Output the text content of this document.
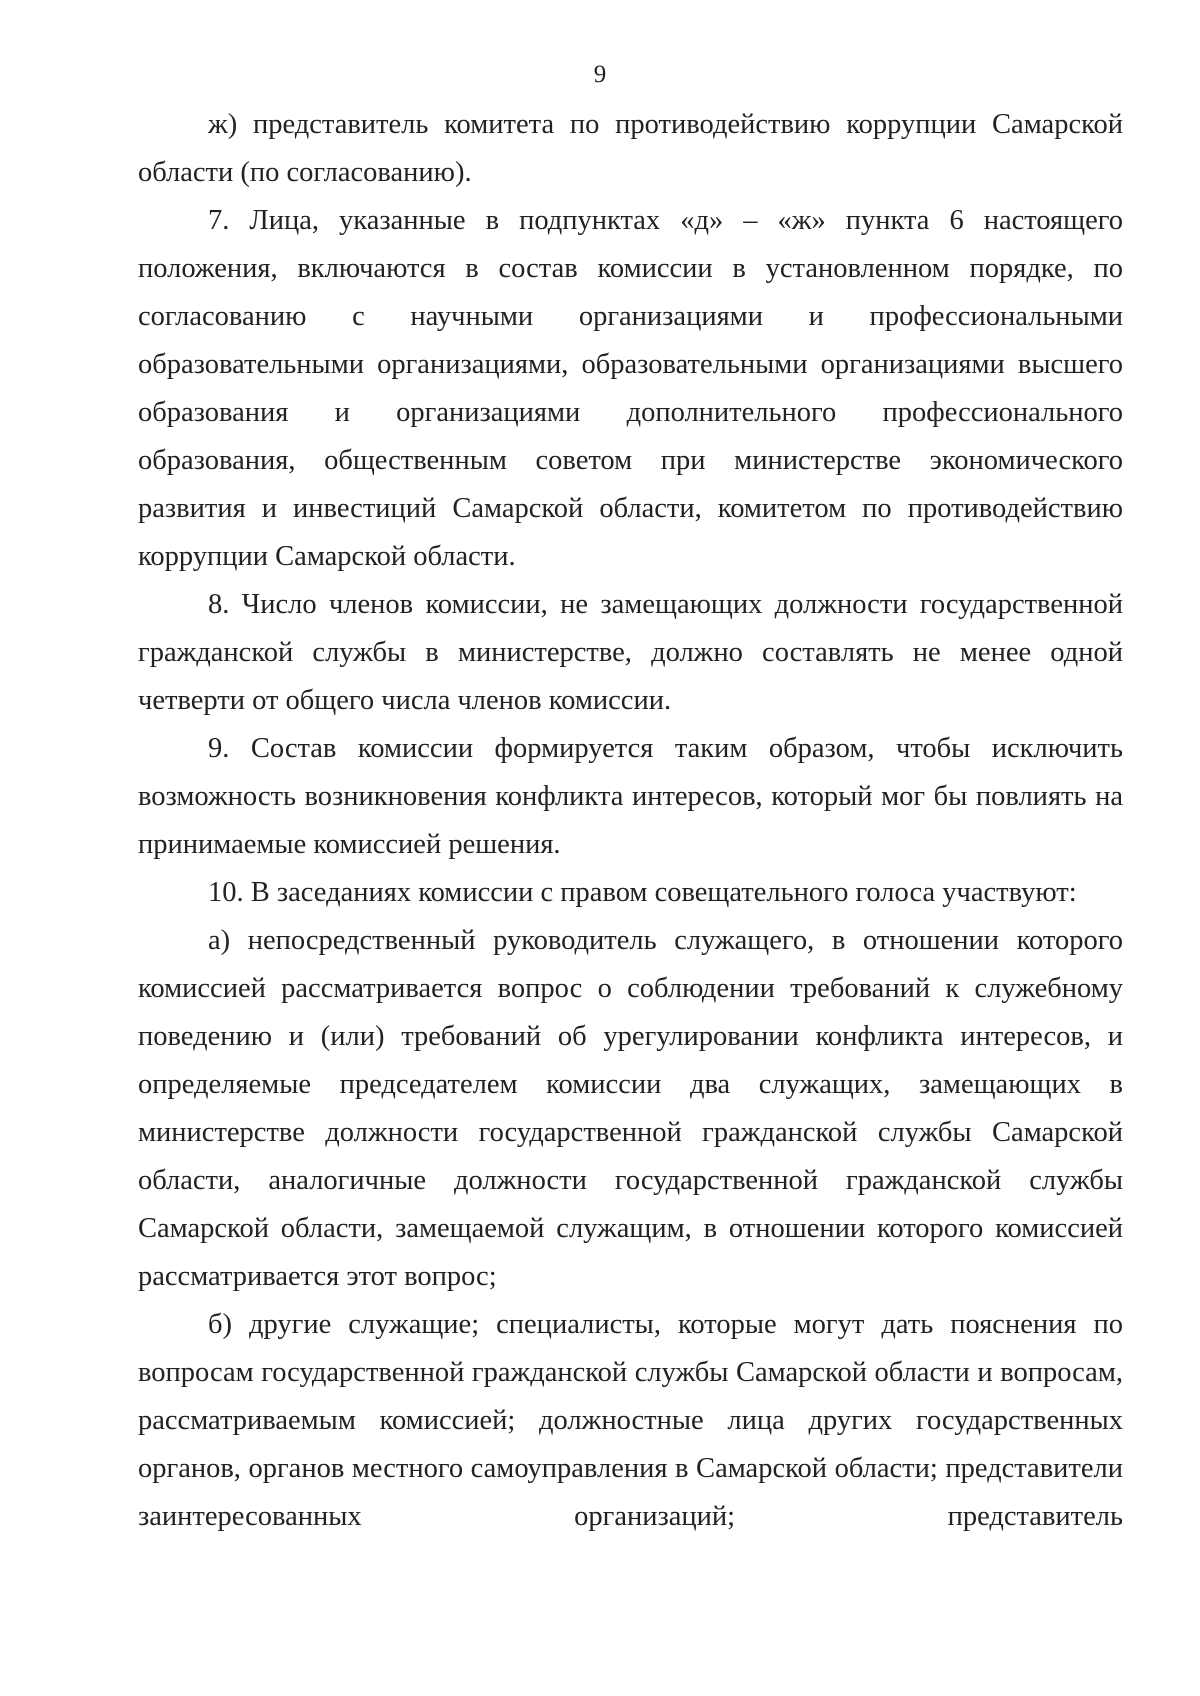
9

ж) представитель комитета по противодействию коррупции Самарской области (по согласованию).

7. Лица, указанные в подпунктах «д» – «ж» пункта 6 настоящего положения, включаются в состав комиссии в установленном порядке, по согласованию с научными организациями и профессиональными образовательными организациями, образовательными организациями высшего образования и организациями дополнительного профессионального образования, общественным советом при министерстве экономического развития и инвестиций Самарской области, комитетом по противодействию коррупции Самарской области.

8. Число членов комиссии, не замещающих должности государственной гражданской службы в министерстве, должно составлять не менее одной четверти от общего числа членов комиссии.

9. Состав комиссии формируется таким образом, чтобы исключить возможность возникновения конфликта интересов, который мог бы повлиять на принимаемые комиссией решения.

10. В заседаниях комиссии с правом совещательного голоса участвуют:

а) непосредственный руководитель служащего, в отношении которого комиссией рассматривается вопрос о соблюдении требований к служебному поведению и (или) требований об урегулировании конфликта интересов, и определяемые председателем комиссии два служащих, замещающих в министерстве должности государственной гражданской службы Самарской области, аналогичные должности государственной гражданской службы Самарской области, замещаемой служащим, в отношении которого комиссией рассматривается этот вопрос;

б) другие служащие; специалисты, которые могут дать пояснения по вопросам государственной гражданской службы Самарской области и вопросам, рассматриваемым комиссией; должностные лица других государственных органов, органов местного самоуправления в Самарской области; представители заинтересованных организаций; представитель
